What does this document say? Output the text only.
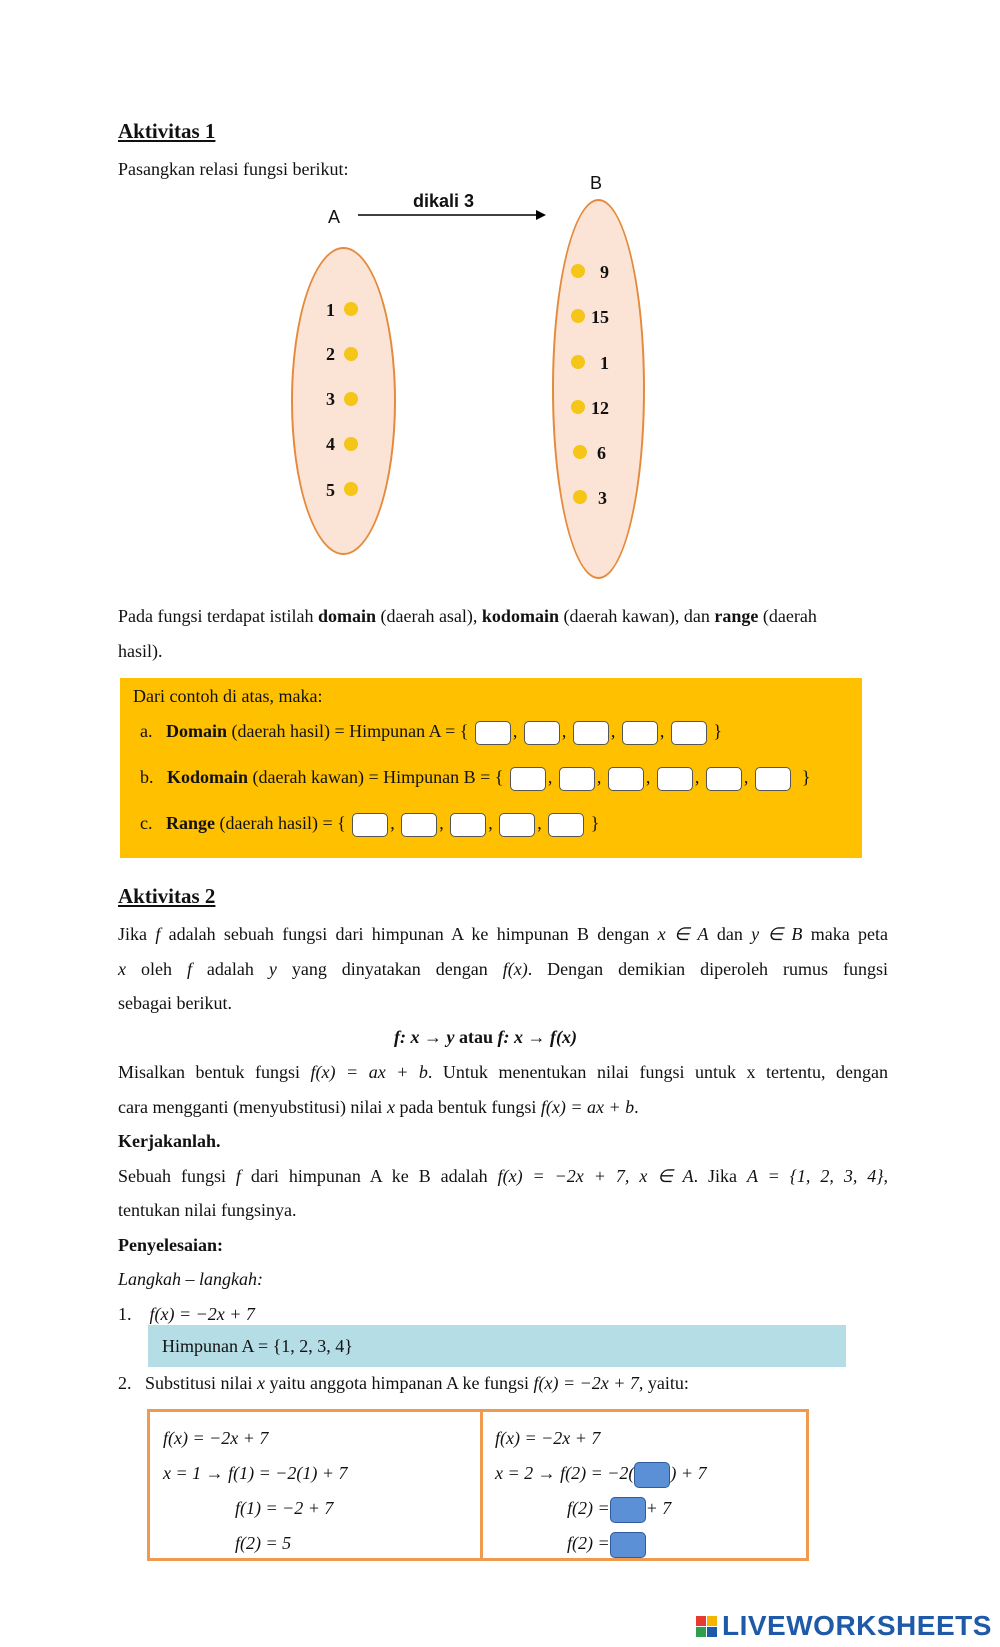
Aktivitas 1
Pasangkan relasi fungsi berikut:
A
B
dikali 3
1
2
3
4
5
9
15
1
12
6
3
Pada fungsi terdapat istilah domain (daerah asal), kodomain (daerah kawan), dan range (daerah
hasil).
Dari contoh di atas, maka:
a. Domain (daerah hasil) = Himpunan A = { , , , ,	}
b. Kodomain (daerah kawan) = Himpunan B = { , , , , ,	}
c. Range (daerah hasil) = { , , , ,	}
Aktivitas 2
Jika f adalah sebuah fungsi dari himpunan A ke himpunan B dengan x ∈ A dan y ∈ B maka peta
x oleh f adalah y yang dinyatakan dengan f(x). Dengan demikian diperoleh rumus fungsi
sebagai berikut.
f: x → y atau f: x → f(x)
Misalkan bentuk fungsi f(x) = ax + b. Untuk menentukan nilai fungsi untuk x tertentu, dengan
cara mengganti (menyubstitusi) nilai x pada bentuk fungsi f(x) = ax + b.
Kerjakanlah.
Sebuah fungsi f dari himpunan A ke B adalah f(x) = −2x + 7, x ∈ A. Jika A = {1, 2, 3, 4},
tentukan nilai fungsinya.
Penyelesaian:
Langkah – langkah:
1. f(x) = −2x + 7
Himpunan A = {1, 2, 3, 4}
2. Substitusi nilai x yaitu anggota himpanan A ke fungsi f(x) = −2x + 7, yaitu:
f(x) = −2x + 7
x = 1 → f(1) = −2(1) + 7
f(1) = −2 + 7
f(2) = 5
f(x) = −2x + 7
x = 2 → f(2) = −2( ) + 7
f(2) = + 7
f(2) =
LIVEWORKSHEETS
